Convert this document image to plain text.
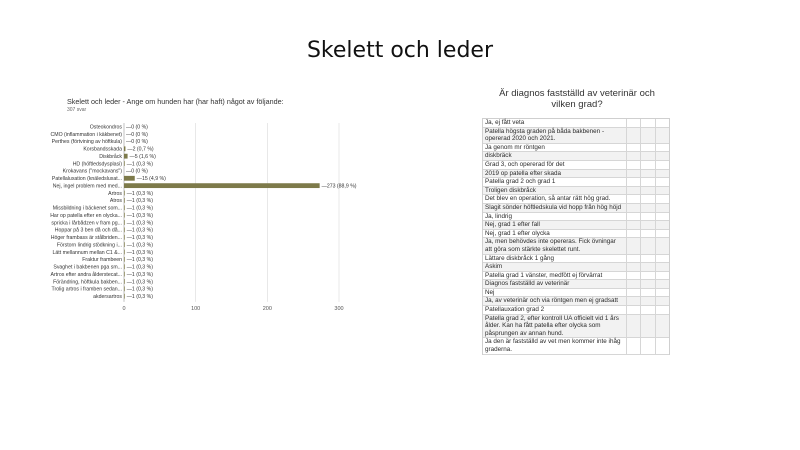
Skelett och leder
Skelett och leder - Ange om hunden har (har haft) något av följande:
307 svar
0	100	200	300
Osteokondros —0 (0 %)
CMO (inflammation i käkbenet) —0 (0 %)
Perthes (förtvining av höftkula) —0 (0 %)
Korsbandsskada —2 (0,7 %)
Diskbråck —5 (1,6 %)
HD (höftledsdysplasi) —1 (0,3 %)
Krokavans ("mockavans") —0 (0 %)
Patellaluxation (knäledsluxat...	—15 (4,9 %)
Nej, ingel problem med med...	—273 (88,9 %)
Artros —1 (0,3 %)
Atros —1 (0,3 %)
Missbildning i bäckenet som... —1 (0,3 %)
Har op patella efter en olycka... —1 (0,3 %)
spricka i lårbådzen v fram pg... —1 (0,3 %)
Hoppar på 3 ben då och då... —1 (0,3 %)
Höger frambass är stålbriden... —1 (0,3 %)
Förstorn lindrig stödkning i... —1 (0,3 %)
Lätt mellannum mellan C1 &... —1 (0,3 %)
Fraktur frambeen —1 (0,3 %)
Svaghet i bakbenen pga sm... —1 (0,3 %)
Artros efter andra ålderstecat... —1 (0,3 %)
Förändring, höftkula bakben... —1 (0,3 %)
Trolig artros i framben sedan... —1 (0,3 %)
akdersartros —1 (0,3 %)
Är diagnos fastställd av veterinär och vilken grad?
Ja, ej fått veta
Patella högsta graden på båda bakbenen - opererad 2020 och 2021.
Ja genom mr röntgen
diskbräck
Grad 3, och opererad för det
2019 op patella efter skada
Patella grad 2 och grad 1
Troligen diskbråck
Det blev en operation, så antar rätt hög grad.
Slagit sönder höftledskula vid hopp från hög höjd
Ja, lindrig
Nej, grad 1 efter fall
Nej, grad 1 efter olycka
Ja, men behövdes inte opereras. Fick övningar att göra som stärkte skelettet runt.
Lättare diskbråck 1 gång
Askim
Patella grad 1 vänster, medfött ej förvärrat
Diagnos fastställd av veterinär
Nej
Ja, av veterinär och via röntgen men ej gradsatt
Patellauxation grad 2
Patella grad 2, efter kontroll UA officielt vid 1 års ålder. Kan ha fått patella efter olycka som påsprungen av annan hund.
Ja den är fastställd av vet men kommer inte ihåg graderna.
